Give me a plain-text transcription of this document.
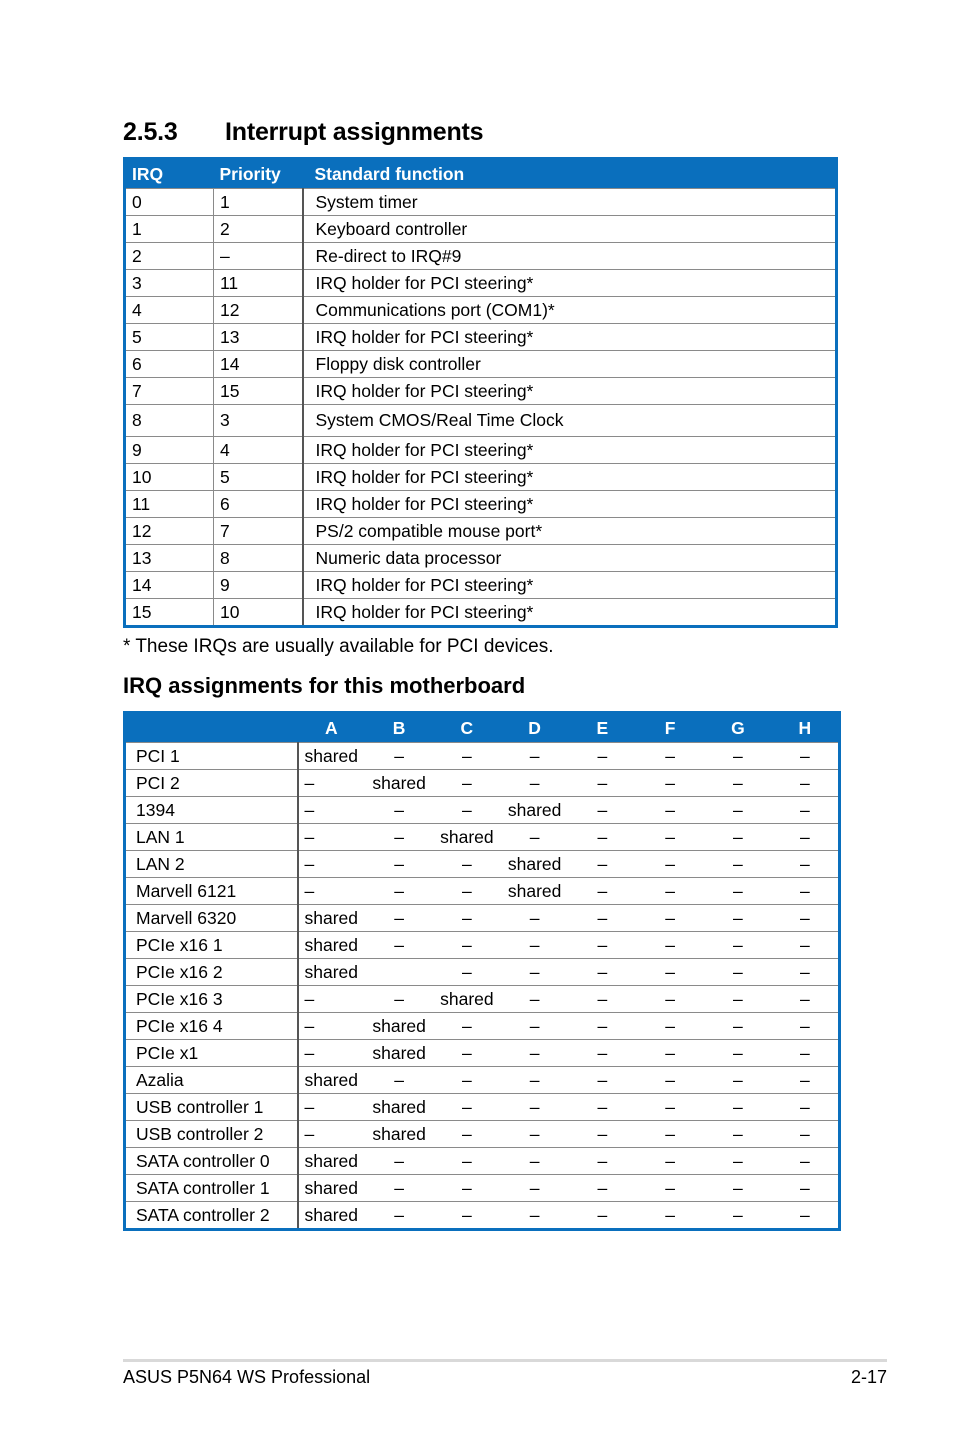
2.5.3 Interrupt assignments
IRQ	Priority	Standard function
0	1	System timer
1	2	Keyboard controller
2	–	Re-direct to IRQ#9
3	11	IRQ holder for PCI steering*
4	12	Communications port (COM1)*
5	13	IRQ holder for PCI steering*
6	14	Floppy disk controller
7	15	IRQ holder for PCI steering*
8	3	System CMOS/Real Time Clock
9	4	IRQ holder for PCI steering*
10	5	IRQ holder for PCI steering*
11	6	IRQ holder for PCI steering*
12	7	PS/2 compatible mouse port*
13	8	Numeric data processor
14	9	IRQ holder for PCI steering*
15	10	IRQ holder for PCI steering*
* These IRQs are usually available for PCI devices.
IRQ assignments for this motherboard
	A	B	C	D	E	F	G	H
PCI 1	shared	–	–	–	–	–	–	–
PCI 2	–	shared	–	–	–	–	–	–
1394	–	–	–	shared	–	–	–	–
LAN 1	–	–	shared	–	–	–	–	–
LAN 2	–	–	–	shared	–	–	–	–
Marvell 6121	–	–	–	shared	–	–	–	–
Marvell 6320	shared	–	–	–	–	–	–	–
PCIe x16 1	shared	–	–	–	–	–	–	–
PCIe x16 2	shared		–	–	–	–	–	–
PCIe x16 3	–	–	shared	–	–	–	–	–
PCIe x16 4	–	shared	–	–	–	–	–	–
PCIe x1	–	shared	–	–	–	–	–	–
Azalia	shared	–	–	–	–	–	–	–
USB controller 1	–	shared	–	–	–	–	–	–
USB controller 2	–	shared	–	–	–	–	–	–
SATA controller 0	shared	–	–	–	–	–	–	–
SATA controller 1	shared	–	–	–	–	–	–	–
SATA controller 2	shared	–	–	–	–	–	–	–
ASUS P5N64 WS Professional	2-17
